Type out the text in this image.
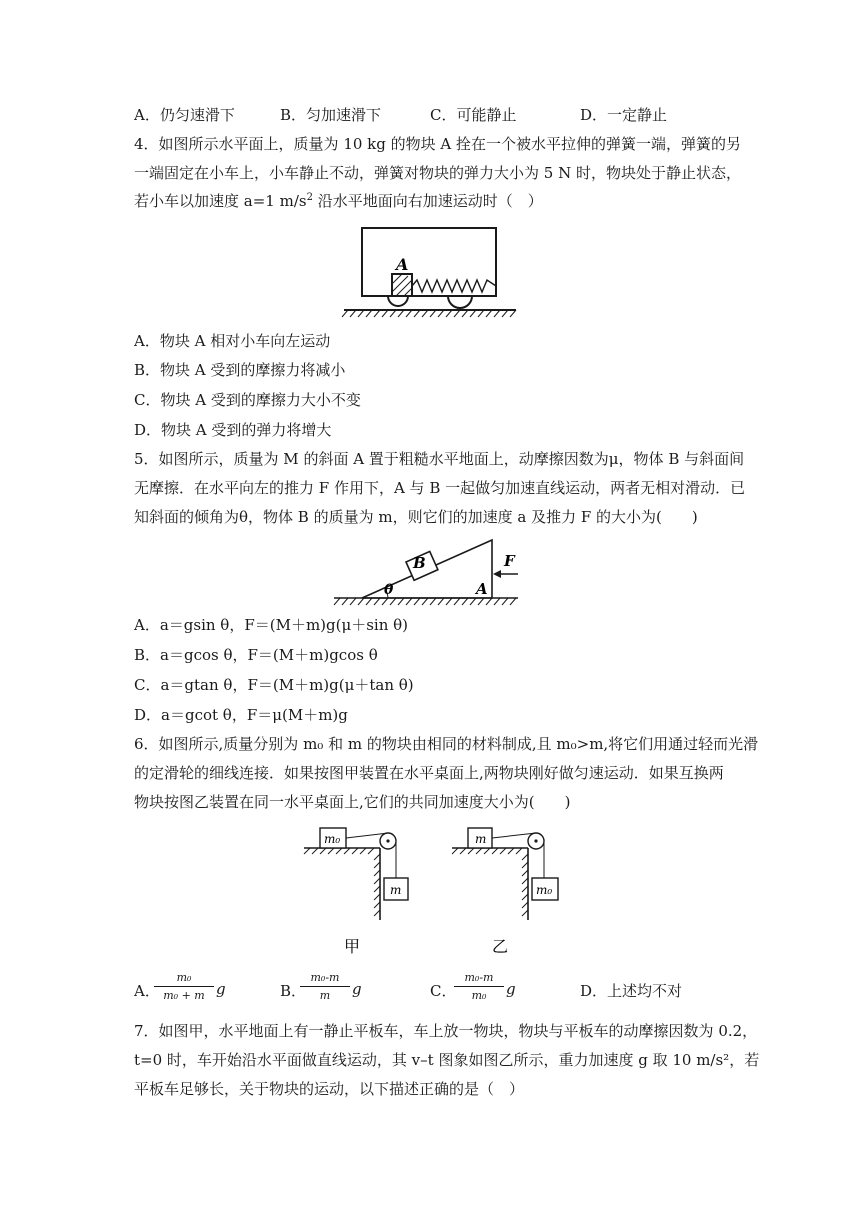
A．仍匀速滑下	B．匀加速滑下	C．可能静止	D．一定静止
4．如图所示水平面上，质量为 10 kg 的物块 A 拴在一个被水平拉伸的弹簧一端，弹簧的另
一端固定在小车上，小车静止不动，弹簧对物块的弹力大小为 5 N 时，物块处于静止状态，
若小车以加速度 a=1 $m/s^2$ 沿水平地面向右加速运动时（　）
A
A．物块 A 相对小车向左运动
B．物块 A 受到的摩擦力将减小
C．物块 A 受到的摩擦力大小不变
D．物块 A 受到的弹力将增大
5．如图所示，质量为 M 的斜面 A 置于粗糙水平地面上，动摩擦因数为μ，物体 B 与斜面间
无摩擦．在水平向左的推力 F 作用下，A 与 B 一起做匀加速直线运动，两者无相对滑动．已
知斜面的倾角为θ，物体 B 的质量为 m，则它们的加速度 a 及推力 F 的大小为(　　)
B
θ	A
F
A．a＝gsin θ，F＝(M＋m)g(μ＋sin θ)
B．a＝gcos θ，F＝(M＋m)gcos θ
C．a＝gtan θ，F＝(M＋m)g(μ＋tan θ)
D．a＝gcot θ，F＝μ(M＋m)g
6．如图所示,质量分别为 m₀ 和 m 的物块由相同的材料制成,且 m₀>m,将它们用通过轻而光滑
的定滑轮的细线连接．如果按图甲装置在水平桌面上,两物块刚好做匀速运动．如果互换两
物块按图乙装置在同一水平桌面上,它们的共同加速度大小为(　　)
m₀
m
甲
m
m₀
乙
A．
m₀
m₀ + m g	B．
m₀-m
m	g	C．
m₀-m
m₀	g	D．上述均不对
7．如图甲，水平地面上有一静止平板车，车上放一物块，物块与平板车的动摩擦因数为 0.2，
t=0 时，车开始沿水平面做直线运动，其 v–t 图象如图乙所示，重力加速度 g 取 10 m/s²，若
平板车足够长，关于物块的运动，以下描述正确的是（　）
